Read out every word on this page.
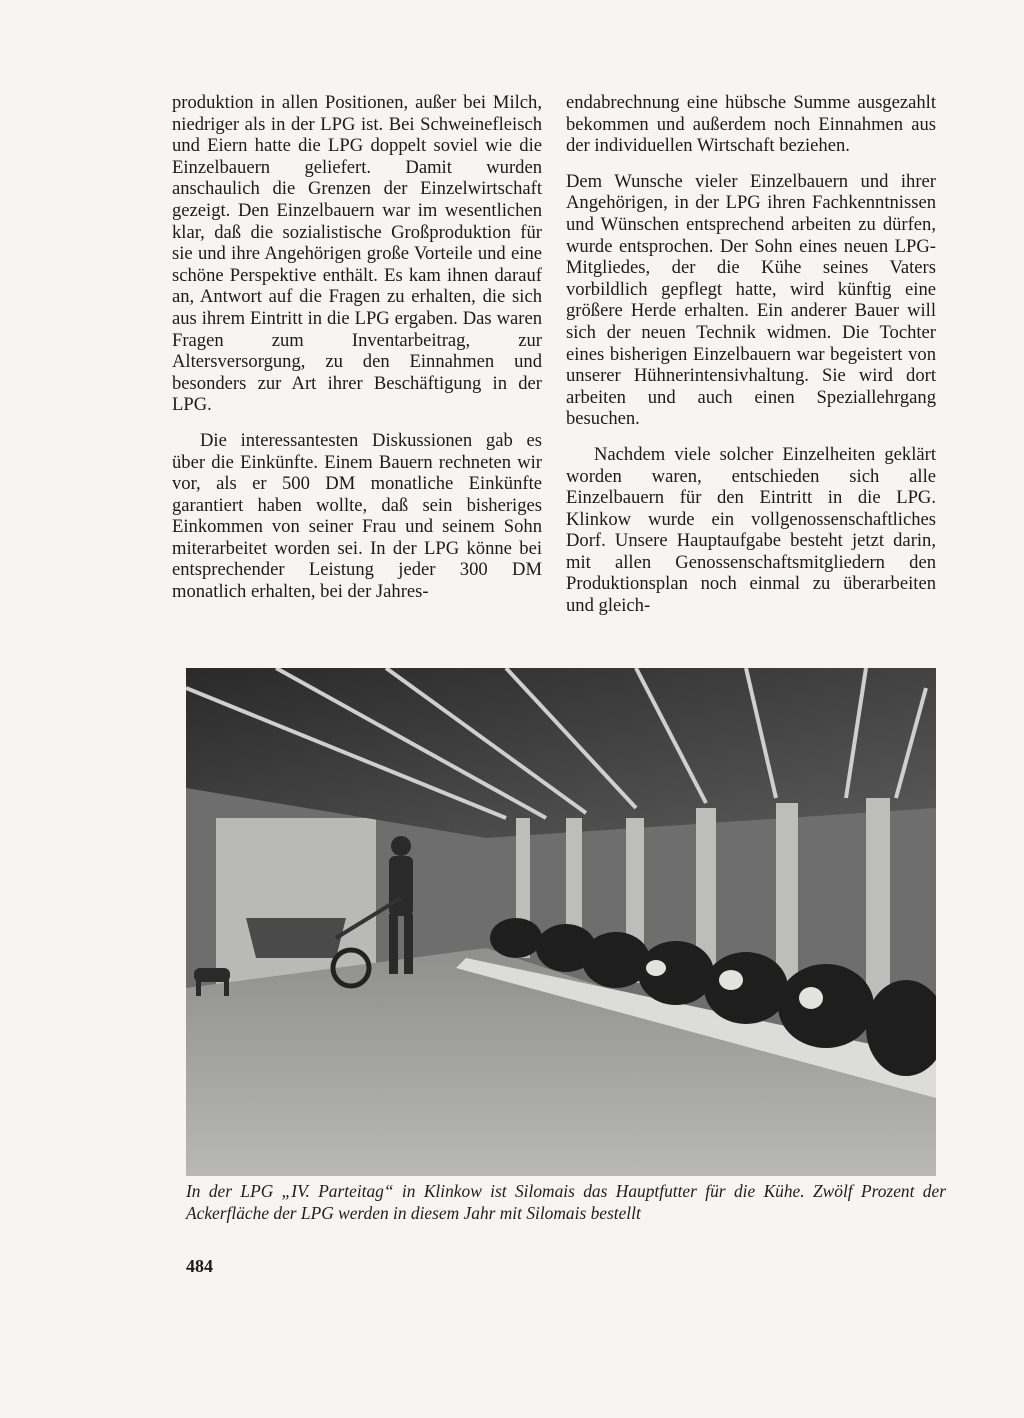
produktion in allen Positionen, außer bei Milch, niedriger als in der LPG ist. Bei Schweinefleisch und Eiern hatte die LPG doppelt soviel wie die Einzelbauern geliefert. Damit wurden anschaulich die Grenzen der Einzelwirtschaft gezeigt. Den Einzelbauern war im wesentlichen klar, daß die sozialistische Großproduktion für sie und ihre Angehörigen große Vorteile und eine schöne Perspektive enthält. Es kam ihnen darauf an, Antwort auf die Fragen zu erhalten, die sich aus ihrem Eintritt in die LPG ergaben. Das waren Fragen zum Inventarbeitrag, zur Altersversorgung, zu den Einnahmen und besonders zur Art ihrer Beschäftigung in der LPG.

Die interessantesten Diskussionen gab es über die Einkünfte. Einem Bauern rechneten wir vor, als er 500 DM monatliche Einkünfte garantiert haben wollte, daß sein bisheriges Einkommen von seiner Frau und seinem Sohn miterarbeitet worden sei. In der LPG könne bei entsprechender Leistung jeder 300 DM monatlich erhalten, bei der Jahres-

endabrechnung eine hübsche Summe ausgezahlt bekommen und außerdem noch Einnahmen aus der individuellen Wirtschaft beziehen.

Dem Wunsche vieler Einzelbauern und ihrer Angehörigen, in der LPG ihren Fachkenntnissen und Wünschen entsprechend arbeiten zu dürfen, wurde entsprochen. Der Sohn eines neuen LPG-Mitgliedes, der die Kühe seines Vaters vorbildlich gepflegt hatte, wird künftig eine größere Herde erhalten. Ein anderer Bauer will sich der neuen Technik widmen. Die Tochter eines bisherigen Einzelbauern war begeistert von unserer Hühnerintensivhaltung. Sie wird dort arbeiten und auch einen Speziallehrgang besuchen.

Nachdem viele solcher Einzelheiten geklärt worden waren, entschieden sich alle Einzelbauern für den Eintritt in die LPG. Klinkow wurde ein vollgenossenschaftliches Dorf. Unsere Hauptaufgabe besteht jetzt darin, mit allen Genossenschaftsmitgliedern den Produktionsplan noch einmal zu überarbeiten und gleich-

In der LPG „IV. Parteitag“ in Klinkow ist Silomais das Hauptfutter für die Kühe. Zwölf Prozent der Ackerfläche der LPG werden in diesem Jahr mit Silomais bestellt
484
